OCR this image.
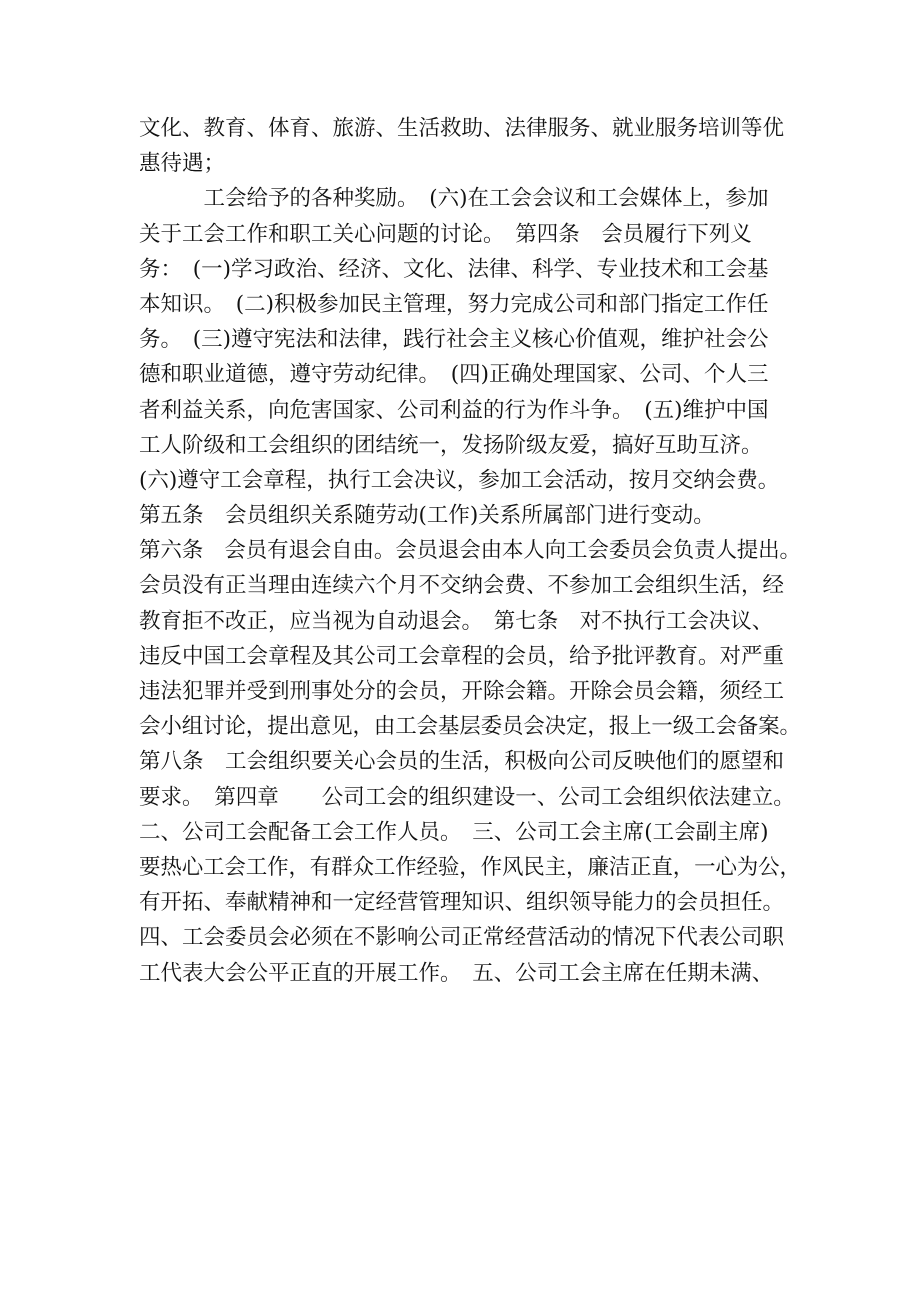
文化、教育、体育、旅游、生活救助、法律服务、就业服务培训等优
惠待遇；
　　　工会给予的各种奖励。　(六)在工会会议和工会媒体上，参加
关于工会工作和职工关心问题的讨论。　第四条　会员履行下列义
务：　(一)学习政治、经济、文化、法律、科学、专业技术和工会基
本知识。　(二)积极参加民主管理，努力完成公司和部门指定工作任
务。　(三)遵守宪法和法律，践行社会主义核心价值观，维护社会公
德和职业道德，遵守劳动纪律。　(四)正确处理国家、公司、个人三
者利益关系，向危害国家、公司利益的行为作斗争。　(五)维护中国
工人阶级和工会组织的团结统一，发扬阶级友爱，搞好互助互济。
(六)遵守工会章程，执行工会决议，参加工会活动，按月交纳会费。
第五条　会员组织关系随劳动(工作)关系所属部门进行变动。
第六条　会员有退会自由。会员退会由本人向工会委员会负责人提出。
会员没有正当理由连续六个月不交纳会费、不参加工会组织生活，经
教育拒不改正，应当视为自动退会。　第七条　对不执行工会决议、
违反中国工会章程及其公司工会章程的会员，给予批评教育。对严重
违法犯罪并受到刑事处分的会员，开除会籍。开除会员会籍，须经工
会小组讨论，提出意见，由工会基层委员会决定，报上一级工会备案。
第八条　工会组织要关心会员的生活，积极向公司反映他们的愿望和
要求。　第四章　　公司工会的组织建设一、公司工会组织依法建立。
二、公司工会配备工会工作人员。　三、公司工会主席(工会副主席)
要热心工会工作，有群众工作经验，作风民主，廉洁正直，一心为公，
有开拓、奉献精神和一定经营管理知识、组织领导能力的会员担任。
四、工会委员会必须在不影响公司正常经营活动的情况下代表公司职
工代表大会公平正直的开展工作。　五、公司工会主席在任期未满、
